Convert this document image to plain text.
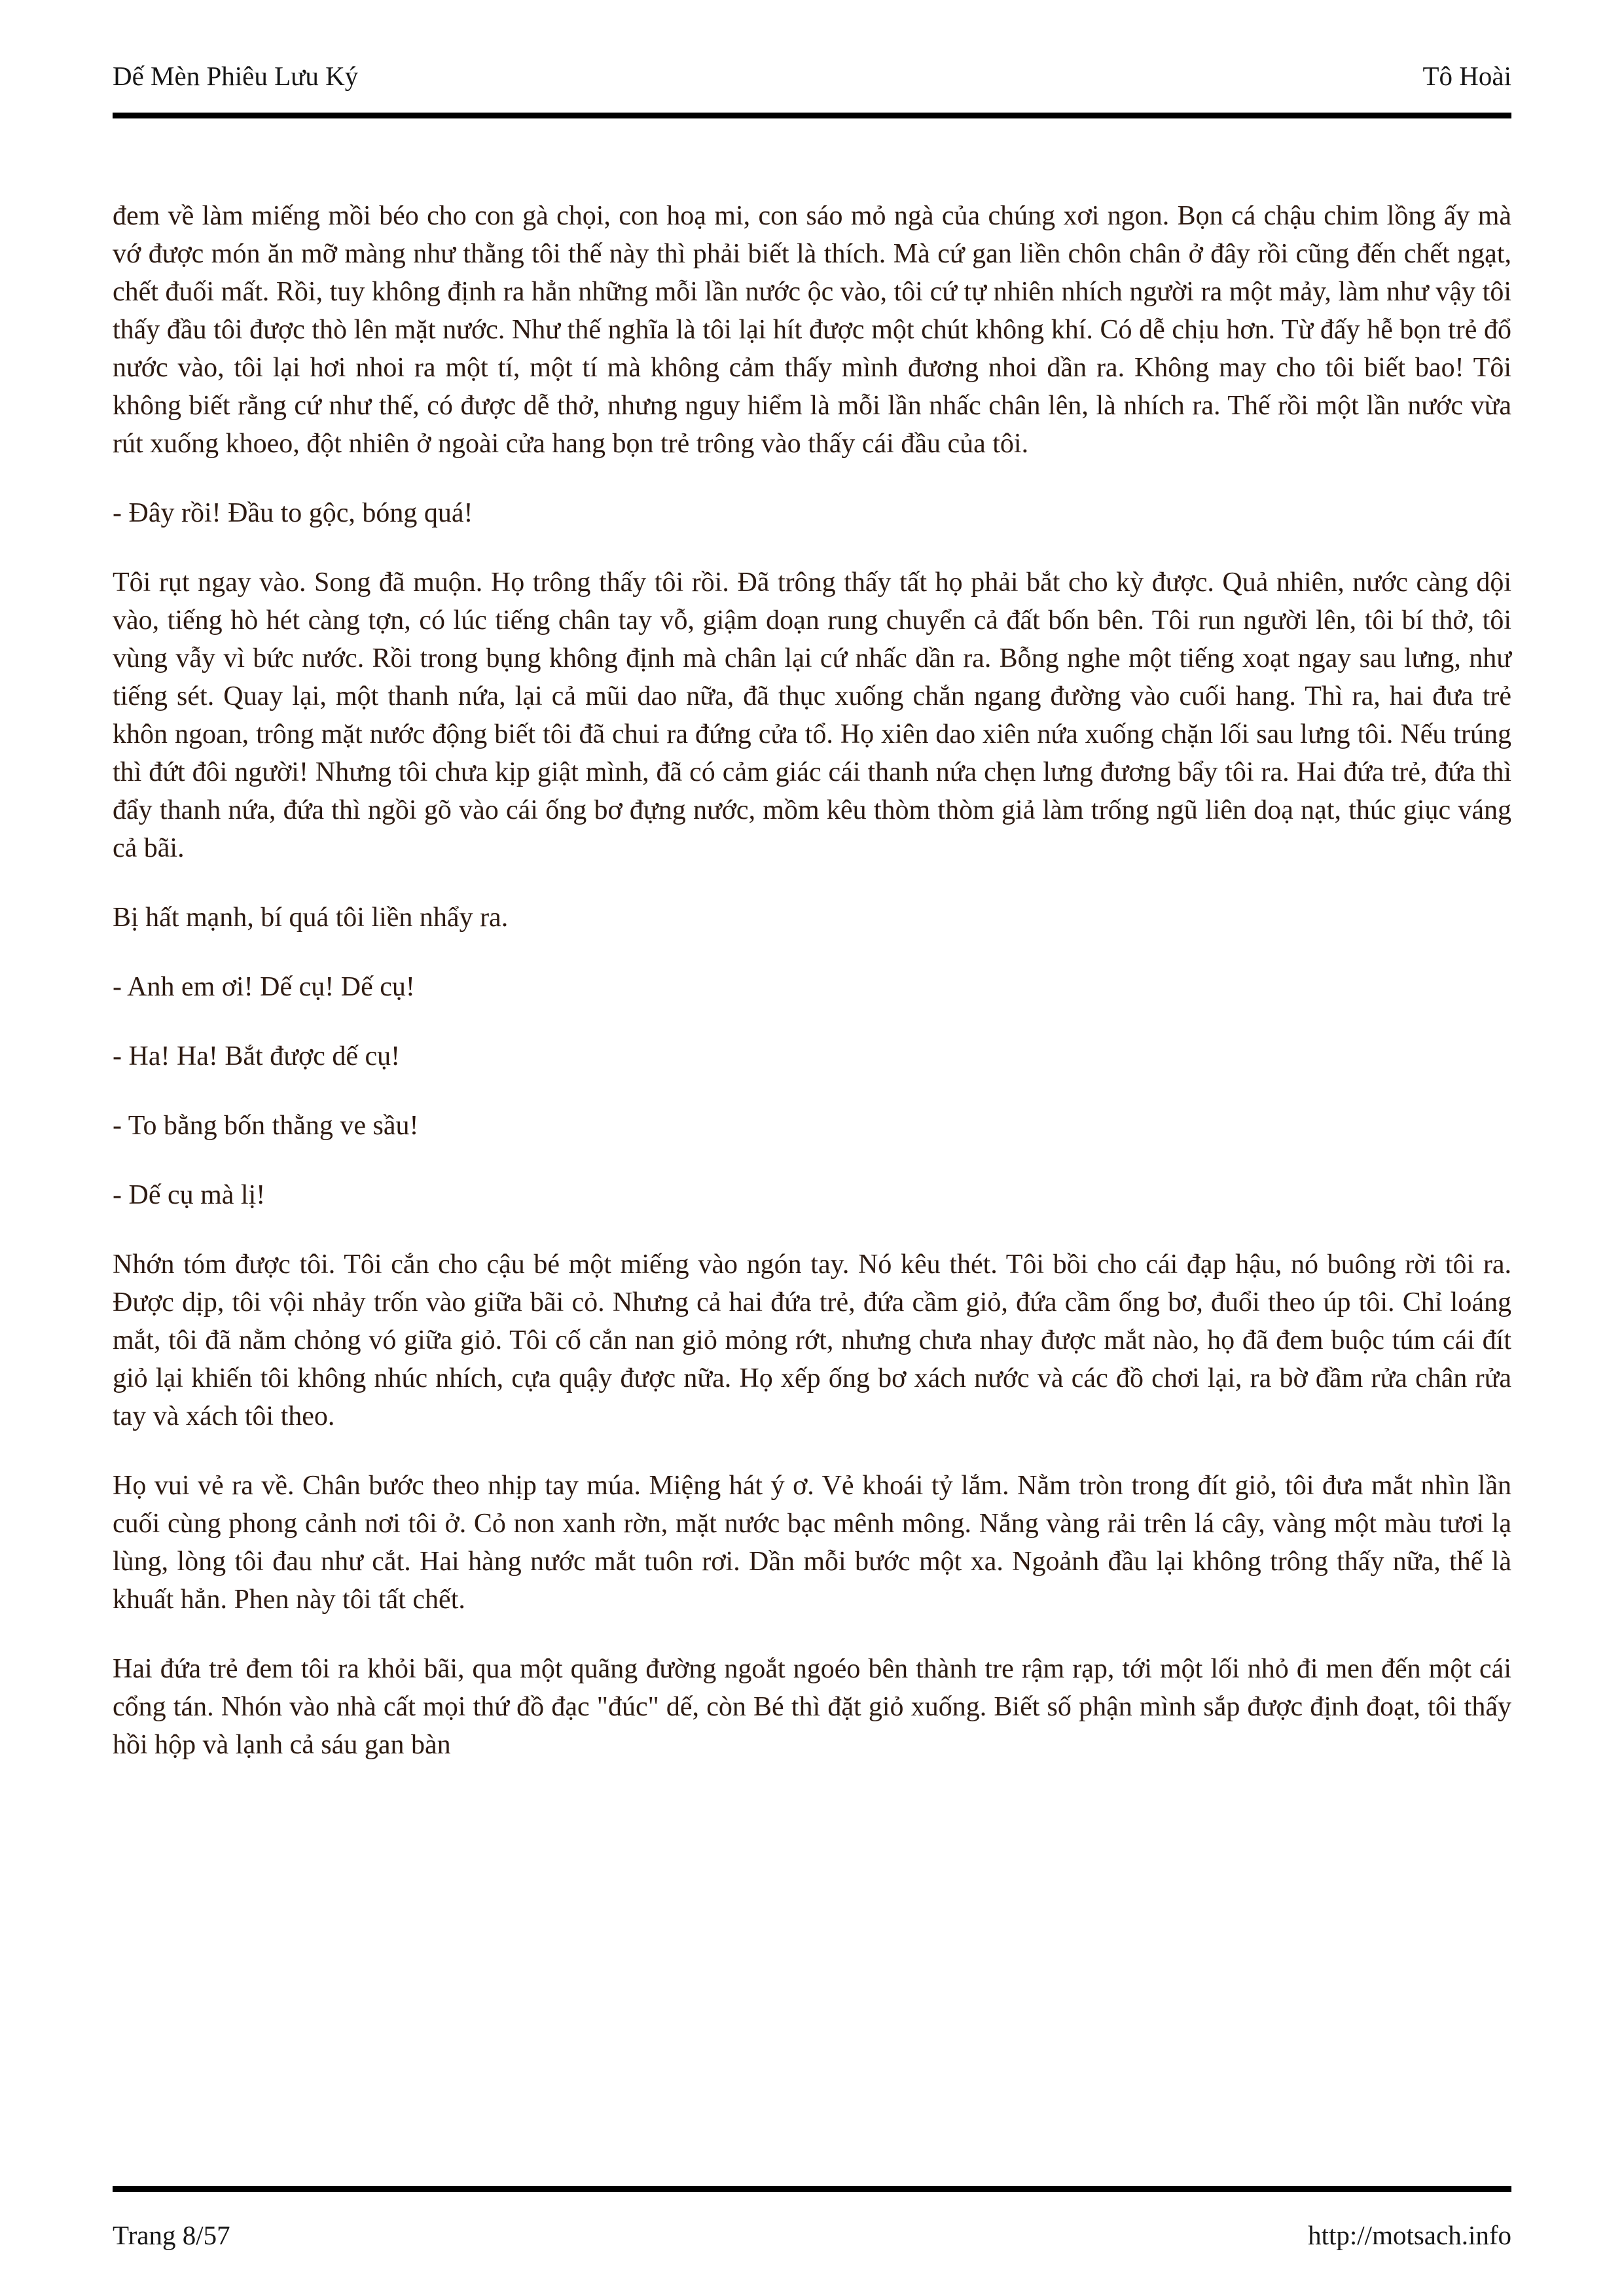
Dế Mèn Phiêu Lưu Ký	Tô Hoài

đem về làm miếng mồi béo cho con gà chọi, con hoạ mi, con sáo mỏ ngà của chúng xơi ngon. Bọn cá chậu chim lồng ấy mà vớ được món ăn mỡ màng như thằng tôi thế này thì phải biết là thích. Mà cứ gan liền chôn chân ở đây rồi cũng đến chết ngạt, chết đuối mất. Rồi, tuy không định ra hẳn những mỗi lần nước ộc vào, tôi cứ tự nhiên nhích người ra một mảy, làm như vậy tôi thấy đầu tôi được thò lên mặt nước. Như thế nghĩa là tôi lại hít được một chút không khí. Có dễ chịu hơn. Từ đấy hễ bọn trẻ đổ nước vào, tôi lại hơi nhoi ra một tí, một tí mà không cảm thấy mình đương nhoi dần ra. Không may cho tôi biết bao! Tôi không biết rằng cứ như thế, có được dễ thở, nhưng nguy hiểm là mỗi lần nhấc chân lên, là nhích ra. Thế rồi một lần nước vừa rút xuống khoeo, đột nhiên ở ngoài cửa hang bọn trẻ trông vào thấy cái đầu của tôi.

- Đây rồi! Đầu to gộc, bóng quá!

Tôi rụt ngay vào. Song đã muộn. Họ trông thấy tôi rồi. Đã trông thấy tất họ phải bắt cho kỳ được. Quả nhiên, nước càng dội vào, tiếng hò hét càng tợn, có lúc tiếng chân tay vỗ, giậm doạn rung chuyển cả đất bốn bên. Tôi run người lên, tôi bí thở, tôi vùng vẫy vì bức nước. Rồi trong bụng không định mà chân lại cứ nhấc dần ra. Bỗng nghe một tiếng xoạt ngay sau lưng, như tiếng sét. Quay lại, một thanh nứa, lại cả mũi dao nữa, đã thục xuống chắn ngang đường vào cuối hang. Thì ra, hai đưa trẻ khôn ngoan, trông mặt nước động biết tôi đã chui ra đứng cửa tổ. Họ xiên dao xiên nứa xuống chặn lối sau lưng tôi. Nếu trúng thì đứt đôi người! Nhưng tôi chưa kịp giật mình, đã có cảm giác cái thanh nứa chẹn lưng đương bẩy tôi ra. Hai đứa trẻ, đứa thì đẩy thanh nứa, đứa thì ngồi gõ vào cái ống bơ đựng nước, mồm kêu thòm thòm giả làm trống ngũ liên doạ nạt, thúc giục váng cả bãi.

Bị hất mạnh, bí quá tôi liền nhẩy ra.

- Anh em ơi! Dế cụ! Dế cụ!

- Ha! Ha! Bắt được dế cụ!

- To bằng bốn thằng ve sầu!

- Dế cụ mà lị!

Nhớn tóm được tôi. Tôi cắn cho cậu bé một miếng vào ngón tay. Nó kêu thét. Tôi bồi cho cái đạp hậu, nó buông rời tôi ra. Được dịp, tôi vội nhảy trốn vào giữa bãi cỏ. Nhưng cả hai đứa trẻ, đứa cầm giỏ, đứa cầm ống bơ, đuổi theo úp tôi. Chỉ loáng mắt, tôi đã nằm chỏng vó giữa giỏ. Tôi cố cắn nan giỏ mỏng rớt, nhưng chưa nhay được mắt nào, họ đã đem buộc túm cái đít giỏ lại khiến tôi không nhúc nhích, cựa quậy được nữa. Họ xếp ống bơ xách nước và các đồ chơi lại, ra bờ đầm rửa chân rửa tay và xách tôi theo.

Họ vui vẻ ra về. Chân bước theo nhịp tay múa. Miệng hát ý ơ. Vẻ khoái tỷ lắm. Nằm tròn trong đít giỏ, tôi đưa mắt nhìn lần cuối cùng phong cảnh nơi tôi ở. Cỏ non xanh rờn, mặt nước bạc mênh mông. Nắng vàng rải trên lá cây, vàng một màu tươi lạ lùng, lòng tôi đau như cắt. Hai hàng nước mắt tuôn rơi. Dần mỗi bước một xa. Ngoảnh đầu lại không trông thấy nữa, thế là khuất hẳn. Phen này tôi tất chết.

Hai đứa trẻ đem tôi ra khỏi bãi, qua một quãng đường ngoắt ngoéo bên thành tre rậm rạp, tới một lối nhỏ đi men đến một cái cổng tán. Nhón vào nhà cất mọi thứ đồ đạc "đúc" dế, còn Bé thì đặt giỏ xuống. Biết số phận mình sắp được định đoạt, tôi thấy hồi hộp và lạnh cả sáu gan bàn

Trang 8/57	http://motsach.info
